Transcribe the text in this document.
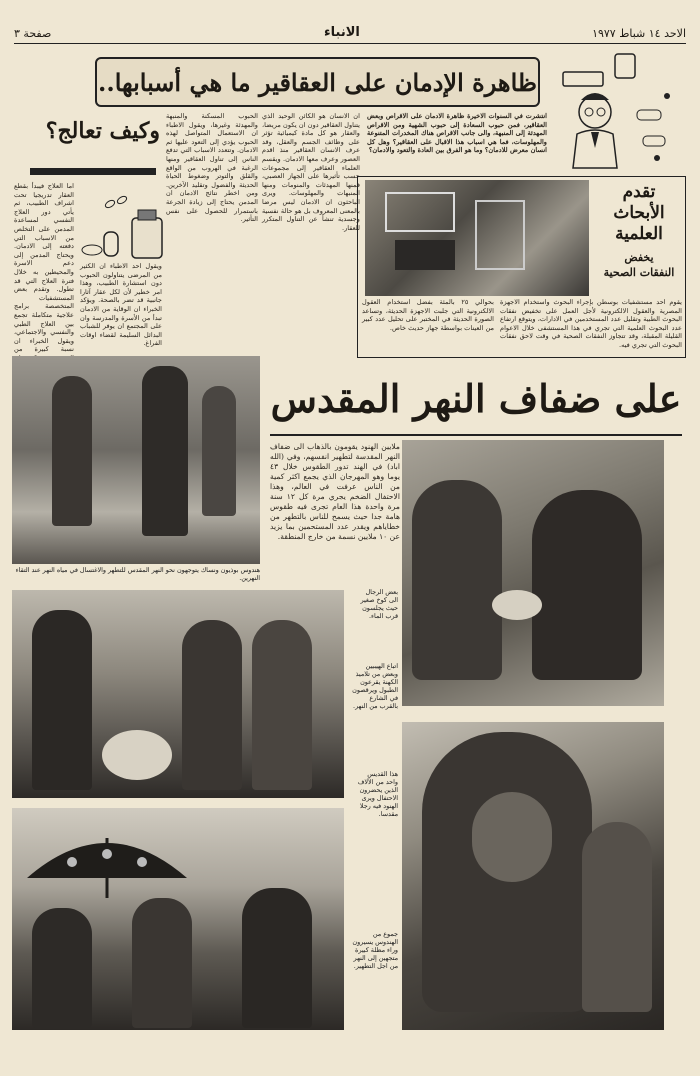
الاحد ١٤ شباط ١٩٧٧
الانباء
صفحة ٣
ظاهرة الإدمان على العقاقير ما هي أسبابها..
انتشرت في السنوات الاخيرة ظاهرة الادمان على الاقراص وبعض العقاقير، فمن حبوب السعادة إلى حبوب الشهية ومن الاقراص المهدئة إلى المنبهة، والى جانب الاقراص هناك المخدرات المتنوعة والمهلوسات، فما هي اسباب هذا الاقبال على العقاقير؟ وهل كل انسان معرض للادمان؟ وما هو الفرق بين العادة والتعود والادمان؟
ان الانسان هو الكائن الوحيد الذي يتناول العقاقير دون ان يكون مريضا، والعقار هو كل مادة كيميائية تؤثر على وظائف الجسم والعقل، وقد عرف الانسان العقاقير منذ اقدم العصور وعرف معها الادمان. ويقسم العلماء العقاقير إلى مجموعات حسب تأثيرها على الجهاز العصبي، فمنها المهدئات والمنومات ومنها المنبهات والمهلوسات. ويرى الباحثون ان الادمان ليس مرضا بالمعنى المعروف بل هو حالة نفسية وجسدية تنشأ عن التناول المتكرر للعقار.
الحبوب المسكنة والمنبهة والمهدئة وغيرها، ويقول الاطباء ان الاستعمال المتواصل لهذه الحبوب يؤدي إلى التعود عليها ثم الادمان. وتتعدد الاسباب التي تدفع الناس إلى تناول العقاقير ومنها الرغبة في الهروب من الواقع والقلق والتوتر وضغوط الحياة الحديثة والفضول وتقليد الآخرين. ومن اخطر نتائج الادمان ان المدمن يحتاج إلى زيادة الجرعة باستمرار للحصول على نفس التأثير.
وكيف تعالج؟
اما العلاج فيبدأ بقطع العقار تدريجيا تحت اشراف الطبيب، ثم يأتي دور العلاج النفسي لمساعدة المدمن على التخلص من الاسباب التي دفعته إلى الادمان. ويحتاج المدمن إلى دعم الاسرة والمحيطين به خلال فترة العلاج التي قد تطول. وتقدم بعض المستشفيات المتخصصة برامج علاجية متكاملة تجمع بين العلاج الطبي والنفسي والاجتماعي، ويقول الخبراء ان نسبة كبيرة من
ويقول احد الاطباء ان الكثير من المرضى يتناولون الحبوب دون استشارة الطبيب، وهذا امر خطير لأن لكل عقار آثارا جانبية قد تضر بالصحة. ويؤكد الخبراء ان الوقاية من الادمان تبدأ من الأسرة والمدرسة وان على المجتمع ان يوفر للشباب البدائل السليمة لقضاء اوقات الفراغ.
تقدم
الأبحاث
العلمية
يخفض
النفقات الصحية
يقوم احد مستشفيات بوسطن بإجراء البحوث واستخدام الاجهزة المصرية والعقول الالكترونية لأجل العمل على تخفيض نفقات البحوث الطبية وتقليل عدد المستخدمين في الادارات، ويتوقع ارتفاع عدد البحوث العلمية التي تجري في هذا المستشفى خلال الاعوام القليلة المقبلة، وقد تتجاوز النفقات الصحية في وقت لاحق نفقات البحوث التي تجري فيه.
بحوالي ٢٥ بالمئة بفضل استخدام العقول الالكترونية التي جلبت الاجهزة الحديثة، وتساعد الصورة الحديثة في المختبر على تحليل عدد كبير من العينات بواسطة جهاز حديث خاص.
هندوس بوذيون ونساك يتوجهون نحو النهر المقدس للتطهر والاغتسال في مياه النهر عند التقاء النهرين.
على ضفاف النهر المقدس
ملايين الهنود يقومون بالذهاب الى ضفاف النهر المقدسة لتطهير انفسهم، وفي (الله اباد) في الهند تدور الطقوس خلال ٤٣ يوما وهو المهرجان الذي يجمع اكثر كمية من الناس عرفت في العالم، وهذا الاحتفال الضخم يجري مرة كل ١٢ سنة مرة واحدة هذا العام تجرى فيه طقوس هامة جدا حيث يسمح للناس بالتطهر من خطاياهم ويقدر عدد المستحمين بما يزيد عن ١٠ ملايين نسمة من خارج المنطقة.
بعض الرجال الى كوخ صغير حيث يجلسون قرب الماء.
اتباع الهيبيين وبعض من تلاميذ الكهنة يقرعون الطبول ويرقصون في الشارع بالقرب من النهر.
هذا القديس واحد من الآلاف الذين يحضرون الاحتفال ويرى الهنود فيه رجلا مقدسا.
جموع من الهندوس يسيرون وراء مظلة كبيرة متجهين إلى النهر من اجل التطهير.
